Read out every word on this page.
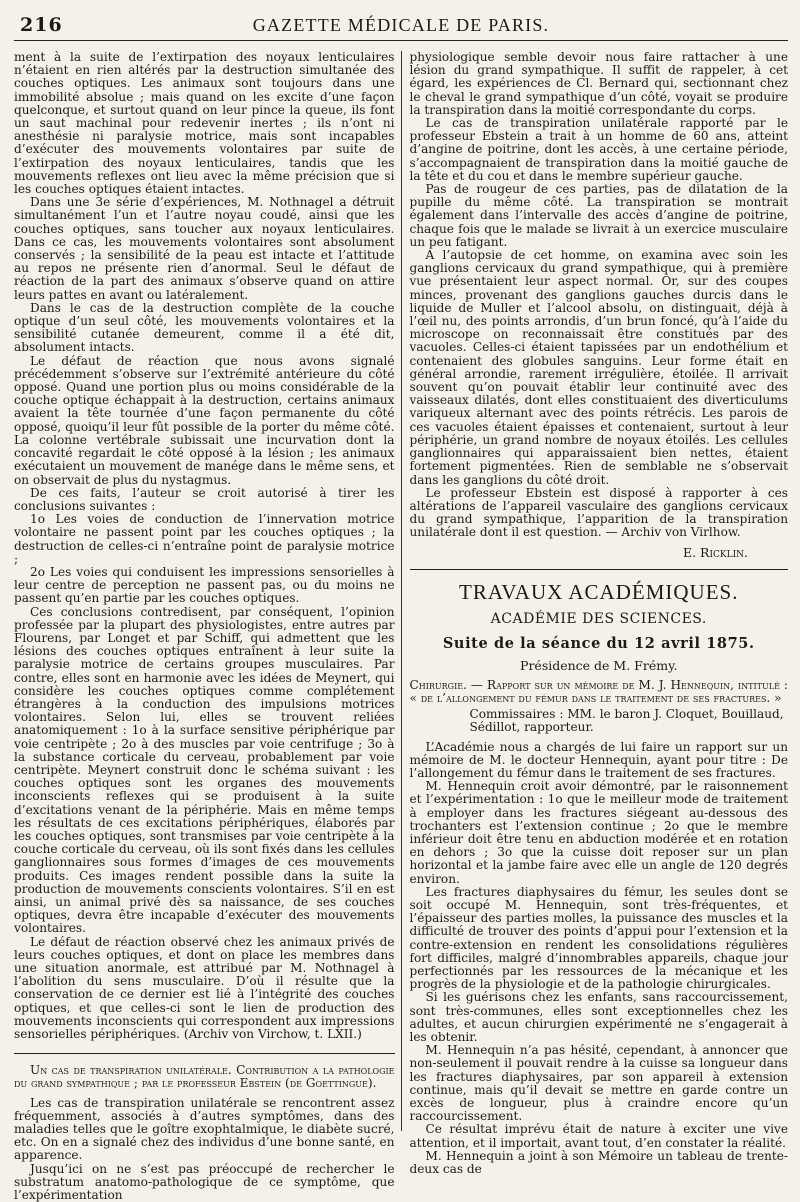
216	GAZETTE MÉDICALE DE PARIS.

ment à la suite de l’extirpation des noyaux lenticulaires n’étaient en rien altérés par la destruction simultanée des couches optiques. Les animaux sont toujours dans une immobilité absolue ; mais quand on les excite d’une façon quelconque, et surtout quand on leur pince la queue, ils font un saut machinal pour redevenir inertes ; ils n’ont ni anesthésie ni paralysie motrice, mais sont incapables d’exécuter des mouvements volontaires par suite de l’extirpation des noyaux lenticulaires, tandis que les mouvements reflexes ont lieu avec la même précision que si les couches optiques étaient intactes.

Dans une 3e série d’expériences, M. Nothnagel a détruit simultanément l’un et l’autre noyau coudé, ainsi que les couches optiques, sans toucher aux noyaux lenticulaires. Dans ce cas, les mouvements volontaires sont absolument conservés ; la sensibilité de la peau est intacte et l’attitude au repos ne présente rien d’anormal. Seul le défaut de réaction de la part des animaux s’observe quand on attire leurs pattes en avant ou latéralement.

Dans le cas de la destruction complète de la couche optique d’un seul côté, les mouvements volontaires et la sensibilité cutanée demeurent, comme il a été dit, absolument intacts.

Le défaut de réaction que nous avons signalé précédemment s’observe sur l’extrémité antérieure du côté opposé. Quand une portion plus ou moins considérable de la couche optique échappait à la destruction, certains animaux avaient la tête tournée d’une façon permanente du côté opposé, quoiqu’il leur fût possible de la porter du même côté. La colonne vertébrale subissait une incurvation dont la concavité regardait le côté opposé à la lésion ; les animaux exécutaient un mouvement de manége dans le même sens, et on observait de plus du nystagmus.

De ces faits, l’auteur se croit autorisé à tirer les conclusions suivantes :

1o Les voies de conduction de l’innervation motrice volontaire ne passent point par les couches optiques ; la destruction de celles-ci n’entraîne point de paralysie motrice ;

2o Les voies qui conduisent les impressions sensorielles à leur centre de perception ne passent pas, ou du moins ne passent qu’en partie par les couches optiques.

Ces conclusions contredisent, par conséquent, l’opinion professée par la plupart des physiologistes, entre autres par Flourens, par Longet et par Schiff, qui admettent que les lésions des couches optiques entraînent à leur suite la paralysie motrice de certains groupes musculaires. Par contre, elles sont en harmonie avec les idées de Meynert, qui considère les couches optiques comme complétement étrangères à la conduction des impulsions motrices volontaires. Selon lui, elles se trouvent reliées anatomiquement : 1o à la surface sensitive périphérique par voie centripète ; 2o à des muscles par voie centrifuge ; 3o à la substance corticale du cerveau, probablement par voie centripète. Meynert construit donc le schéma suivant : les couches optiques sont les organes des mouvements inconscients reflexes qui se produisent à la suite d’excitations venant de la périphérie. Mais en même temps les résultats de ces excitations périphériques, élaborés par les couches optiques, sont transmises par voie centripète à la couche corticale du cerveau, où ils sont fixés dans les cellules ganglionnaires sous formes d’images de ces mouvements produits. Ces images rendent possible dans la suite la production de mouvements conscients volontaires. S’il en est ainsi, un animal privé dès sa naissance, de ses couches optiques, devra être incapable d’exécuter des mouvements volontaires.

Le défaut de réaction observé chez les animaux privés de leurs couches optiques, et dont on place les membres dans une situation anormale, est attribué par M. Nothnagel à l’abolition du sens musculaire. D’où il résulte que la conservation de ce dernier est lié à l’intégrité des couches optiques, et que celles-ci sont le lien de production des mouvements inconscients qui correspondent aux impressions sensorielles périphériques. (Archiv von Virchow, t. LXII.)

Un cas de transpiration unilatérale. Contribution a la pathologie du grand sympathique ; par le professeur Ebstein (de Goettingue).

Les cas de transpiration unilatérale se rencontrent assez fréquemment, associés à d’autres symptômes, dans des maladies telles que le goître exophtalmique, le diabète sucré, etc. On en a signalé chez des individus d’une bonne santé, en apparence.

Jusqu’ici on ne s’est pas préoccupé de rechercher le substratum anatomo-pathologique de ce symptôme, que l’expérimentation

physiologique semble devoir nous faire rattacher à une lésion du grand sympathique. Il suffit de rappeler, à cet égard, les expériences de Cl. Bernard qui, sectionnant chez le cheval le grand sympathique d’un côté, voyait se produire la transpiration dans la moitié correspondante du corps.

Le cas de transpiration unilatérale rapporté par le professeur Ebstein a trait à un homme de 60 ans, atteint d’angine de poitrine, dont les accès, à une certaine période, s’accompagnaient de transpiration dans la moitié gauche de la tête et du cou et dans le membre supérieur gauche.

Pas de rougeur de ces parties, pas de dilatation de la pupille du même côté. La transpiration se montrait également dans l’intervalle des accès d’angine de poitrine, chaque fois que le malade se livrait à un exercice musculaire un peu fatigant.

A l’autopsie de cet homme, on examina avec soin les ganglions cervicaux du grand sympathique, qui à première vue présentaient leur aspect normal. Or, sur des coupes minces, provenant des ganglions gauches durcis dans le liquide de Muller et l’alcool absolu, on distinguait, déjà à l’œil nu, des points arrondis, d’un brun foncé, qu’à l’aide du microscope on reconnaissait être constitués par des vacuoles. Celles-ci étaient tapissées par un endothélium et contenaient des globules sanguins. Leur forme était en général arrondie, rarement irrégulière, étoilée. Il arrivait souvent qu’on pouvait établir leur continuité avec des vaisseaux dilatés, dont elles constituaient des diverticulums variqueux alternant avec des points rétrécis. Les parois de ces vacuoles étaient épaisses et contenaient, surtout à leur périphérie, un grand nombre de noyaux étoilés. Les cellules ganglionnaires qui apparaissaient bien nettes, étaient fortement pigmentées. Rien de semblable ne s’observait dans les ganglions du côté droit.

Le professeur Ebstein est disposé à rapporter à ces altérations de l’appareil vasculaire des ganglions cervicaux du grand sympathique, l’apparition de la transpiration unilatérale dont il est question. — Archiv von Virlhow.

E. Ricklin.

TRAVAUX ACADÉMIQUES.
ACADÉMIE DES SCIENCES.
Suite de la séance du 12 avril 1875.
Présidence de M. Frémy.

Chirurgie. — Rapport sur un mémoire de M. J. Hennequin, intitulé : « de l’allongement du fémur dans le traitement de ses fractures. »

Commissaires : MM. le baron J. Cloquet, Bouillaud, Sédillot, rapporteur.

L’Académie nous a chargés de lui faire un rapport sur un mémoire de M. le docteur Hennequin, ayant pour titre : De l’allongement du fémur dans le traitement de ses fractures.

M. Hennequin croit avoir démontré, par le raisonnement et l’expérimentation : 1o que le meilleur mode de traitement à employer dans les fractures siégeant au-dessous des trochanters est l’extension continue ; 2o que le membre inférieur doit être tenu en abduction modérée et en rotation en dehors ; 3o que la cuisse doit reposer sur un plan horizontal et la jambe faire avec elle un angle de 120 degrés environ.

Les fractures diaphysaires du fémur, les seules dont se soit occupé M. Hennequin, sont très-fréquentes, et l’épaisseur des parties molles, la puissance des muscles et la difficulté de trouver des points d’appui pour l’extension et la contre-extension en rendent les consolidations régulières fort difficiles, malgré d’innombrables appareils, chaque jour perfectionnés par les ressources de la mécanique et les progrès de la physiologie et de la pathologie chirurgicales.

Si les guérisons chez les enfants, sans raccourcissement, sont très-communes, elles sont exceptionnelles chez les adultes, et aucun chirurgien expérimenté ne s’engagerait à les obtenir.

M. Hennequin n’a pas hésité, cependant, à annoncer que non-seulement il pouvait rendre à la cuisse sa longueur dans les fractures diaphysaires, par son appareil à extension continue, mais qu’il devait se mettre en garde contre un excès de longueur, plus à craindre encore qu’un raccourcissement.

Ce résultat imprévu était de nature à exciter une vive attention, et il importait, avant tout, d’en constater la réalité.

M. Hennequin a joint à son Mémoire un tableau de trente-deux cas de
